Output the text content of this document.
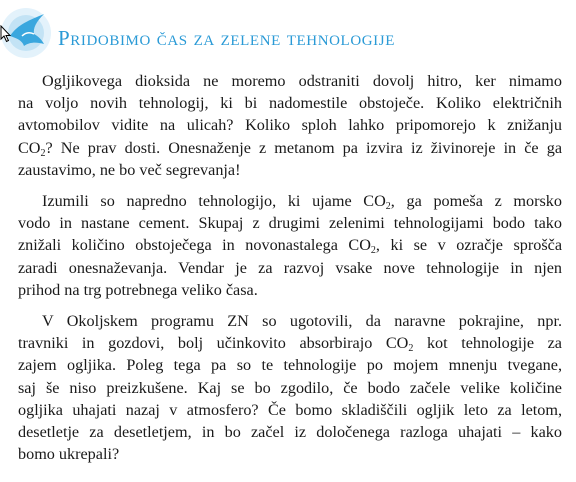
Pridobimo čas za zelene tehnologije
Ogljikovega dioksida ne moremo odstraniti dovolj hitro, ker nimamo
na voljo novih tehnologij, ki bi nadomestile obstoječe. Koliko električnih
avtomobilov vidite na ulicah? Koliko sploh lahko pripomorejo k znižanju
$CO_2$? Ne prav dosti. Onesnaženje z metanom pa izvira iz živinoreje in če ga
zaustavimo, ne bo več segrevanja!
Izumili so napredno tehnologijo, ki ujame $CO_2$, ga pomeša z morsko
vodo in nastane cement. Skupaj z drugimi zelenimi tehnologijami bodo tako
znižali količino obstoječega in novonastalega $CO_2$, ki se v ozračje sprošča
zaradi onesnaževanja. Vendar je za razvoj vsake nove tehnologije in njen
prihod na trg potrebnega veliko časa.
V Okoljskem programu ZN so ugotovili, da naravne pokrajine, npr.
travniki in gozdovi, bolj učinkovito absorbirajo $CO_2$ kot tehnologije za
zajem ogljika. Poleg tega pa so te tehnologije po mojem mnenju tvegane,
saj še niso preizkušene. Kaj se bo zgodilo, če bodo začele velike količine
ogljika uhajati nazaj v atmosfero? Če bomo skladiščili ogljik leto za letom,
desetletje za desetletjem, in bo začel iz določenega razloga uhajati – kako
bomo ukrepali?
